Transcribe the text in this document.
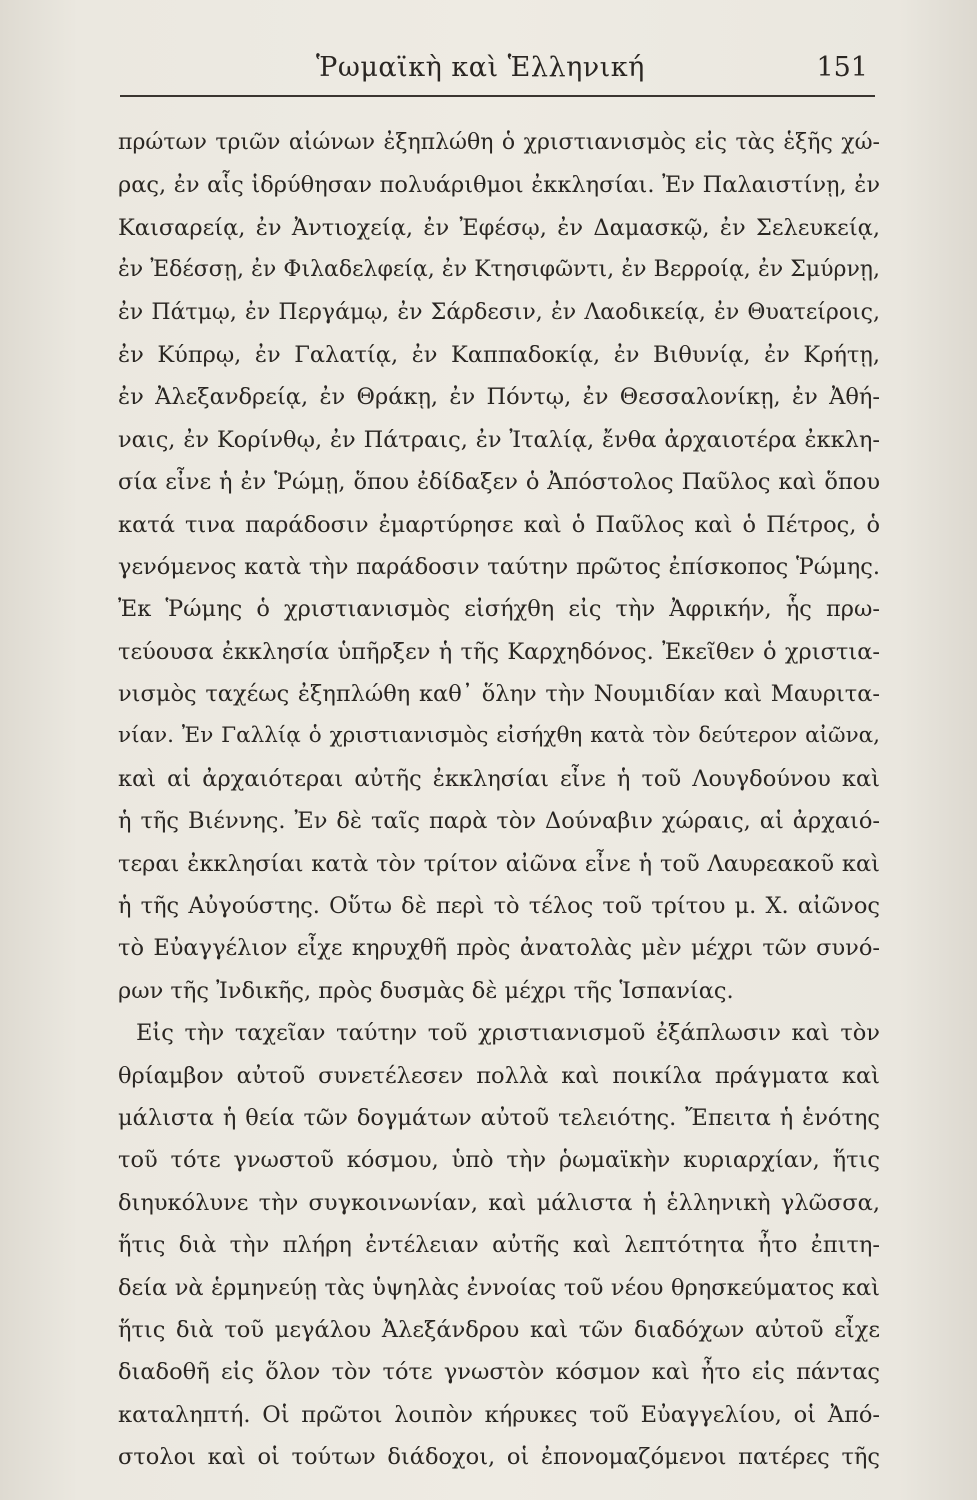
Ῥωμαϊκὴ καὶ Ἑλληνική	151
πρώτων τριῶν αἰώνων ἐξηπλώθη ὁ χριστιανισμὸς εἰς τὰς ἑξῆς χώ-
ρας, ἐν αἷς ἱδρύθησαν πολυάριθμοι ἐκκλησίαι. Ἐν Παλαιστίνῃ, ἐν
Καισαρείᾳ, ἐν Ἀντιοχείᾳ, ἐν Ἐφέσῳ, ἐν Δαμασκῷ, ἐν Σελευκείᾳ,
ἐν Ἐδέσσῃ, ἐν Φιλαδελφείᾳ, ἐν Κτησιφῶντι, ἐν Βερροίᾳ, ἐν Σμύρνῃ,
ἐν Πάτμῳ, ἐν Περγάμῳ, ἐν Σάρδεσιν, ἐν Λαοδικείᾳ, ἐν Θυατείροις,
ἐν Κύπρῳ, ἐν Γαλατίᾳ, ἐν Καππαδοκίᾳ, ἐν Βιθυνίᾳ, ἐν Κρήτῃ,
ἐν Ἀλεξανδρείᾳ, ἐν Θράκῃ, ἐν Πόντῳ, ἐν Θεσσαλονίκῃ, ἐν Ἀθή-
ναις, ἐν Κορίνθῳ, ἐν Πάτραις, ἐν Ἰταλίᾳ, ἔνθα ἀρχαιοτέρα ἐκκλη-
σία εἶνε ἡ ἐν Ῥώμῃ, ὅπου ἐδίδαξεν ὁ Ἀπόστολος Παῦλος καὶ ὅπου
κατά τινα παράδοσιν ἐμαρτύρησε καὶ ὁ Παῦλος καὶ ὁ Πέτρος, ὁ
γενόμενος κατὰ τὴν παράδοσιν ταύτην πρῶτος ἐπίσκοπος Ῥώμης.
Ἐκ Ῥώμης ὁ χριστιανισμὸς εἰσήχθη εἰς τὴν Ἀφρικήν, ἧς πρω-
τεύουσα ἐκκλησία ὑπῆρξεν ἡ τῆς Καρχηδόνος. Ἐκεῖθεν ὁ χριστια-
νισμὸς ταχέως ἐξηπλώθη καθ᾽ ὅλην τὴν Νουμιδίαν καὶ Μαυριτα-
νίαν. Ἐν Γαλλίᾳ ὁ χριστιανισμὸς εἰσήχθη κατὰ τὸν δεύτερον αἰῶνα,
καὶ αἱ ἀρχαιότεραι αὐτῆς ἐκκλησίαι εἶνε ἡ τοῦ Λουγδούνου καὶ
ἡ τῆς Βιέννης. Ἐν δὲ ταῖς παρὰ τὸν Δούναβιν χώραις, αἱ ἀρχαιό-
τεραι ἐκκλησίαι κατὰ τὸν τρίτον αἰῶνα εἶνε ἡ τοῦ Λαυρεακοῦ καὶ
ἡ τῆς Αὐγούστης. Οὕτω δὲ περὶ τὸ τέλος τοῦ τρίτου μ. Χ. αἰῶνος
τὸ Εὐαγγέλιον εἶχε κηρυχθῆ πρὸς ἀνατολὰς μὲν μέχρι τῶν συνό-
ρων τῆς Ἰνδικῆς, πρὸς δυσμὰς δὲ μέχρι τῆς Ἱσπανίας.
Εἰς τὴν ταχεῖαν ταύτην τοῦ χριστιανισμοῦ ἐξάπλωσιν καὶ τὸν
θρίαμβον αὐτοῦ συνετέλεσεν πολλὰ καὶ ποικίλα πράγματα καὶ
μάλιστα ἡ θεία τῶν δογμάτων αὐτοῦ τελειότης. Ἔπειτα ἡ ἑνότης
τοῦ τότε γνωστοῦ κόσμου, ὑπὸ τὴν ῥωμαϊκὴν κυριαρχίαν, ἥτις
διηυκόλυνε τὴν συγκοινωνίαν, καὶ μάλιστα ἡ ἑλληνικὴ γλῶσσα,
ἥτις διὰ τὴν πλήρη ἐντέλειαν αὐτῆς καὶ λεπτότητα ἦτο ἐπιτη-
δεία νὰ ἑρμηνεύῃ τὰς ὑψηλὰς ἐννοίας τοῦ νέου θρησκεύματος καὶ
ἥτις διὰ τοῦ μεγάλου Ἀλεξάνδρου καὶ τῶν διαδόχων αὐτοῦ εἶχε
διαδοθῆ εἰς ὅλον τὸν τότε γνωστὸν κόσμον καὶ ἦτο εἰς πάντας
καταληπτή. Οἱ πρῶτοι λοιπὸν κήρυκες τοῦ Εὐαγγελίου, οἱ Ἀπό-
στολοι καὶ οἱ τούτων διάδοχοι, οἱ ἐπονομαζόμενοι πατέρες τῆς
